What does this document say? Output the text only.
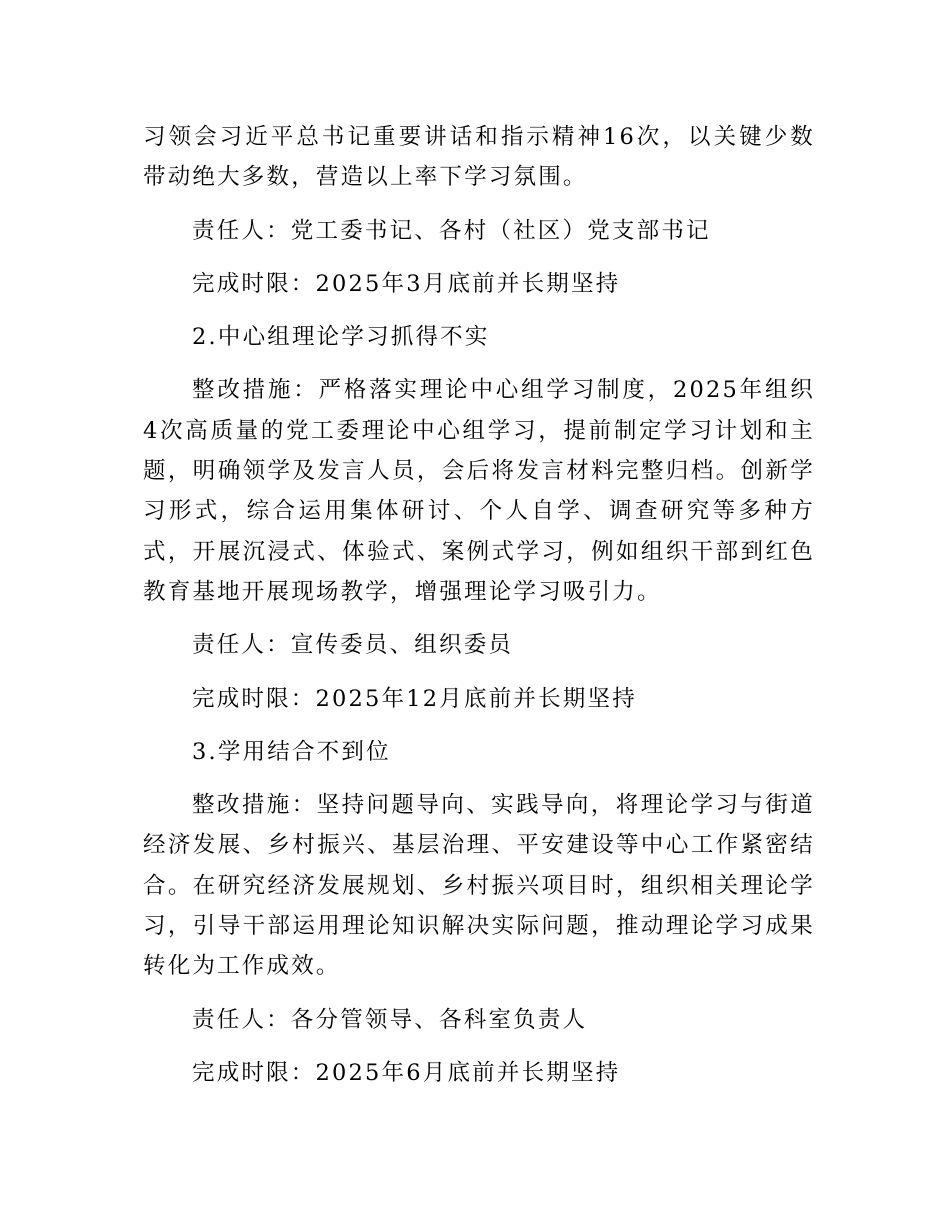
习领会习近平总书记重要讲话和指示精神16次，以关键少数带动绝大多数，营造以上率下学习氛围。

责任人：党工委书记、各村（社区）党支部书记

完成时限：2025年3月底前并长期坚持

2.中心组理论学习抓得不实

整改措施：严格落实理论中心组学习制度，2025年组织4次高质量的党工委理论中心组学习，提前制定学习计划和主题，明确领学及发言人员，会后将发言材料完整归档。创新学习形式，综合运用集体研讨、个人自学、调查研究等多种方式，开展沉浸式、体验式、案例式学习，例如组织干部到红色教育基地开展现场教学，增强理论学习吸引力。

责任人：宣传委员、组织委员

完成时限：2025年12月底前并长期坚持

3.学用结合不到位

整改措施：坚持问题导向、实践导向，将理论学习与街道经济发展、乡村振兴、基层治理、平安建设等中心工作紧密结合。在研究经济发展规划、乡村振兴项目时，组织相关理论学习，引导干部运用理论知识解决实际问题，推动理论学习成果转化为工作成效。

责任人：各分管领导、各科室负责人

完成时限：2025年6月底前并长期坚持
